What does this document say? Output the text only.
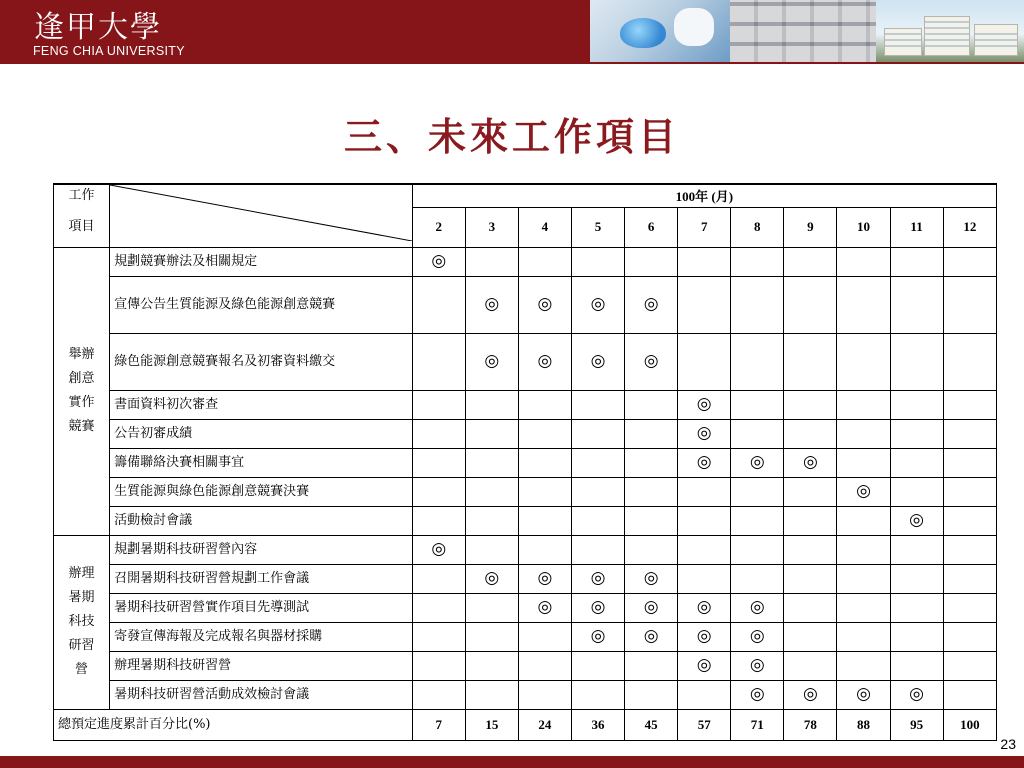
逢甲大學
FENG CHIA UNIVERSITY
三、未來工作項目
工作		100年 (月)										
項目		2	3	4	5	6	7	8	9	10	11	12

舉辦
創意
實作
競賽	規劃競賽辦法及相關規定	◎										
	宣傳公告生質能源及綠色能源創意競賽		◎	◎	◎	◎						
	綠色能源創意競賽報名及初審資料繳交		◎	◎	◎	◎						
	書面資料初次審查						◎					
	公告初審成績						◎					
	籌備聯絡決賽相關事宜						◎	◎	◎			
	生質能源與綠色能源創意競賽決賽									◎		
	活動檢討會議										◎	

辦理
暑期
科技
研習
營	規劃暑期科技研習營內容	◎										
	召開暑期科技研習營規劃工作會議		◎	◎	◎	◎						
	暑期科技研習營實作項目先導測試			◎	◎	◎	◎	◎				
	寄發宣傳海報及完成報名與器材採購				◎	◎	◎	◎				
	辦理暑期科技研習營						◎	◎				
	暑期科技研習營活動成效檢討會議							◎	◎	◎	◎	
總預定進度累計百分比(%)		7	15	24	36	45	57	71	78	88	95	100
23
